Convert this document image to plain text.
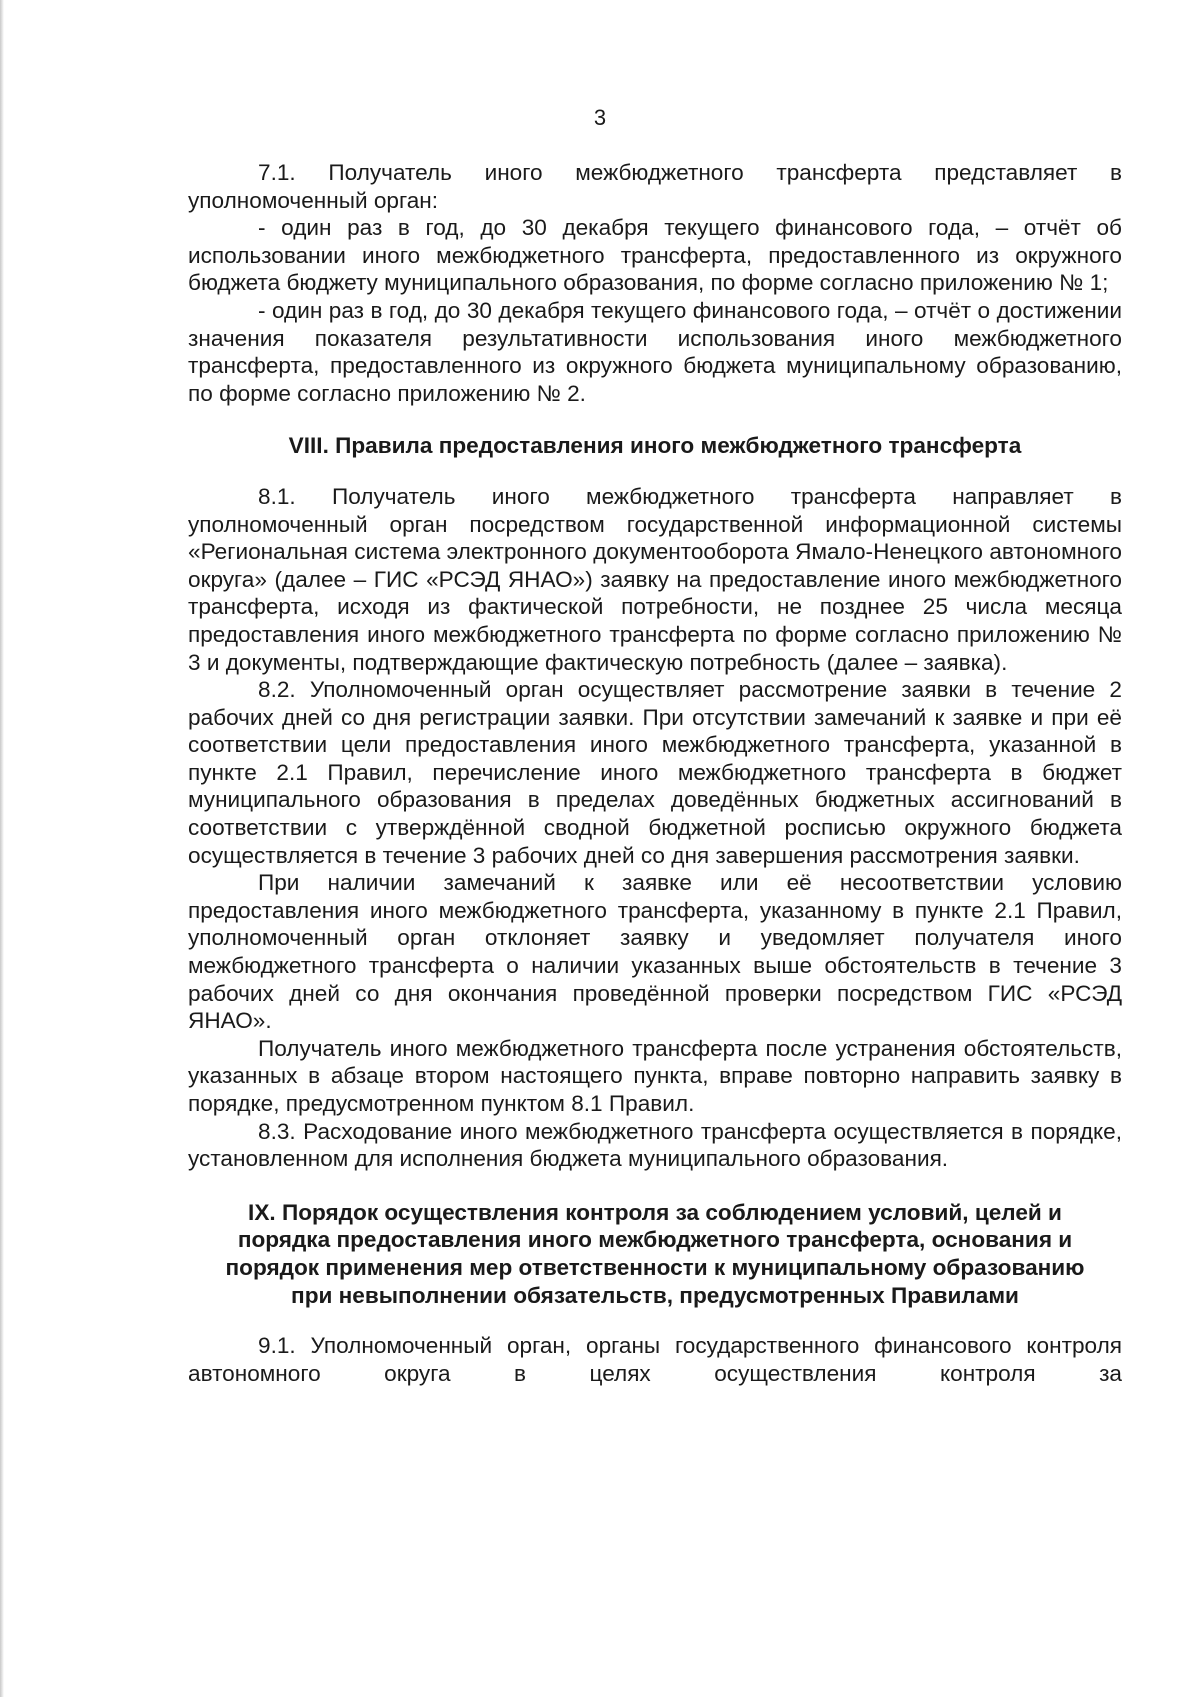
3

7.1. Получатель иного межбюджетного трансферта представляет в уполномоченный орган:

- один раз в год, до 30 декабря текущего финансового года, – отчёт об использовании иного межбюджетного трансферта, предоставленного из окружного бюджета бюджету муниципального образования, по форме согласно приложению № 1;

- один раз в год, до 30 декабря текущего финансового года, – отчёт о достижении значения показателя результативности использования иного межбюджетного трансферта, предоставленного из окружного бюджета муниципальному образованию, по форме согласно приложению № 2.

VIII. Правила предоставления иного межбюджетного трансферта

8.1. Получатель иного межбюджетного трансферта направляет в уполномоченный орган посредством государственной информационной системы «Региональная система электронного документооборота Ямало-Ненецкого автономного округа» (далее – ГИС «РСЭД ЯНАО») заявку на предоставление иного межбюджетного трансферта, исходя из фактической потребности, не позднее 25 числа месяца предоставления иного межбюджетного трансферта по форме согласно приложению № 3 и документы, подтверждающие фактическую потребность (далее – заявка).

8.2. Уполномоченный орган осуществляет рассмотрение заявки в течение 2 рабочих дней со дня регистрации заявки. При отсутствии замечаний к заявке и при её соответствии цели предоставления иного межбюджетного трансферта, указанной в пункте 2.1 Правил, перечисление иного межбюджетного трансферта в бюджет муниципального образования в пределах доведённых бюджетных ассигнований в соответствии с утверждённой сводной бюджетной росписью окружного бюджета осуществляется в течение 3 рабочих дней со дня завершения рассмотрения заявки.

При наличии замечаний к заявке или её несоответствии условию предоставления иного межбюджетного трансферта, указанному в пункте 2.1 Правил, уполномоченный орган отклоняет заявку и уведомляет получателя иного межбюджетного трансферта о наличии указанных выше обстоятельств в течение 3 рабочих дней со дня окончания проведённой проверки посредством ГИС «РСЭД ЯНАО».

Получатель иного межбюджетного трансферта после устранения обстоятельств, указанных в абзаце втором настоящего пункта, вправе повторно направить заявку в порядке, предусмотренном пунктом 8.1 Правил.

8.3. Расходование иного межбюджетного трансферта осуществляется в порядке, установленном для исполнения бюджета муниципального образования.

IX. Порядок осуществления контроля за соблюдением условий, целей и порядка предоставления иного межбюджетного трансферта, основания и порядок применения мер ответственности к муниципальному образованию при невыполнении обязательств, предусмотренных Правилами

9.1. Уполномоченный орган, органы государственного финансового контроля автономного округа в целях осуществления контроля за
